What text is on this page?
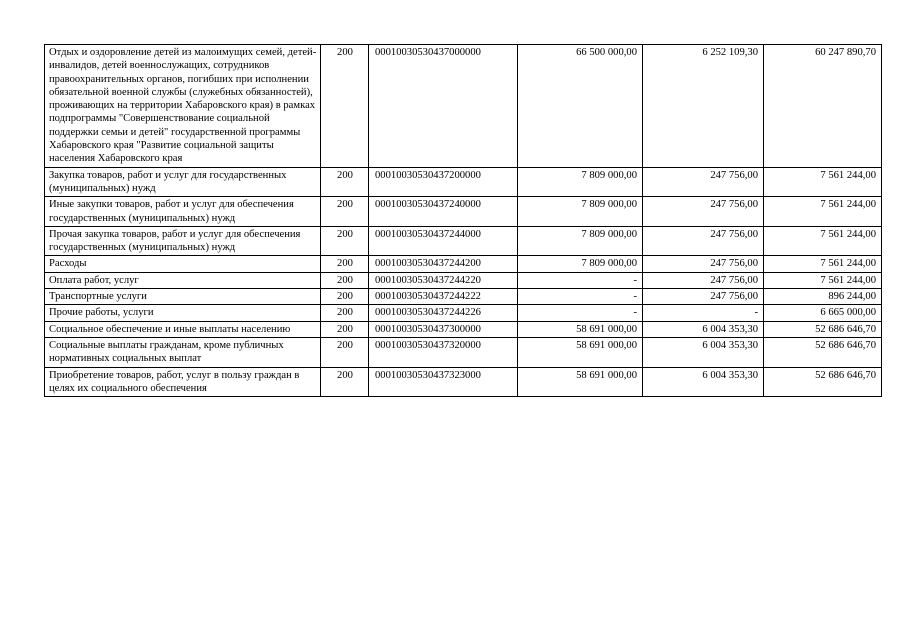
Отдых и оздоровление детей из малоимущих семей, детей-инвалидов, детей военнослужащих, сотрудников правоохранительных органов, погибших при исполнении обязательной военной службы (служебных обязанностей), проживающих на территории Хабаровского края) в рамках подпрограммы "Совершенствование социальной поддержки семьи и детей" государственной программы Хабаровского края "Развитие социальной защиты населения Хабаровского края	200	00010030530437000000	66 500 000,00	6 252 109,30	60 247 890,70
Закупка товаров, работ и услуг для государственных (муниципальных) нужд	200	00010030530437200000	7 809 000,00	247 756,00	7 561 244,00
Иные закупки товаров, работ и услуг для обеспечения государственных (муниципальных) нужд	200	00010030530437240000	7 809 000,00	247 756,00	7 561 244,00
Прочая закупка товаров, работ и услуг для обеспечения государственных (муниципальных) нужд	200	00010030530437244000	7 809 000,00	247 756,00	7 561 244,00
Расходы	200	00010030530437244200	7 809 000,00	247 756,00	7 561 244,00
Оплата работ, услуг	200	00010030530437244220	-	247 756,00	7 561 244,00
Транспортные услуги	200	00010030530437244222	-	247 756,00	896 244,00
Прочие работы, услуги	200	00010030530437244226	-	-	6 665 000,00
Социальное обеспечение и иные выплаты населению	200	00010030530437300000	58 691 000,00	6 004 353,30	52 686 646,70
Социальные выплаты гражданам, кроме публичных нормативных социальных выплат	200	00010030530437320000	58 691 000,00	6 004 353,30	52 686 646,70
Приобретение товаров, работ, услуг в пользу граждан в целях их социального обеспечения	200	00010030530437323000	58 691 000,00	6 004 353,30	52 686 646,70
